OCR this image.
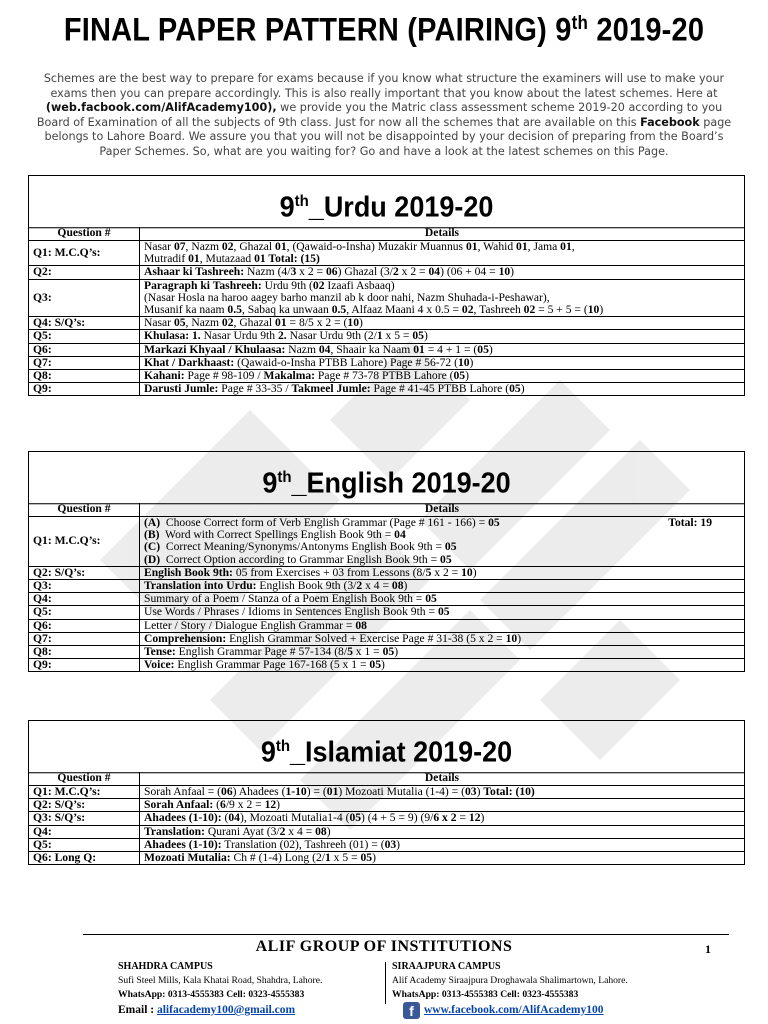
FINAL PAPER PATTERN (PAIRING) 9th 2019-20
Schemes are the best way to prepare for exams because if you know what structure the examiners will use to make your exams then you can prepare accordingly. This is also really important that you know about the latest schemes. Here at (web.facbook.com/AlifAcademy100), we provide you the Matric class assessment scheme 2019-20 according to you Board of Examination of all the subjects of 9th class. Just for now all the schemes that are available on this Facebook page belongs to Lahore Board. We assure you that you will not be disappointed by your decision of preparing from the Board’s Paper Schemes. So, what are you waiting for? Go and have a look at the latest schemes on this Page.
9th_Urdu 2019-20
Question #	Details
Q1: M.C.Q’s:	Nasar 07, Nazm 02, Ghazal 01, (Qawaid-o-Insha) Muzakir Muannus 01, Wahid 01, Jama 01,
Mutradif 01, Mutazaad 01 Total: (15)
Q2:	Ashaar ki Tashreeh: Nazm (4/3 x 2 = 06) Ghazal (3/2 x 2 = 04) (06 + 04 = 10)
Q3:	Paragraph ki Tashreeh: Urdu 9th (02 Izaafi Asbaaq)
(Nasar Hosla na haroo aagey barho manzil ab k door nahi, Nazm Shuhada-i-Peshawar),
Musanif ka naam 0.5, Sabaq ka unwaan 0.5, Alfaaz Maani 4 x 0.5 = 02, Tashreeh 02 = 5 + 5 = (10)
Q4: S/Q’s:	Nasar 05, Nazm 02, Ghazal 01 = 8/5 x 2 = (10)
Q5:	Khulasa: 1. Nasar Urdu 9th 2. Nasar Urdu 9th (2/1 x 5 = 05)
Q6:	Markazi Khyaal / Khulaasa: Nazm 04, Shaair ka Naam 01 = 4 + 1 = (05)
Q7:	Khat / Darkhaast: (Qawaid-o-Insha PTBB Lahore) Page # 56-72 (10)
Q8:	Kahani: Page # 98-109 / Makalma: Page # 73-78 PTBB Lahore (05)
Q9:	Darusti Jumle: Page # 33-35 / Takmeel Jumle: Page # 41-45 PTBB Lahore (05)
9th_English 2019-20
Question #	Details
Q1: M.C.Q’s:	Total: 19
(A)  Choose Correct form of Verb English Grammar (Page # 161 - 166) = 05
(B)  Word with Correct Spellings English Book 9th = 04
(C)  Correct Meaning/Synonyms/Antonyms English Book 9th = 05
(D)  Correct Option according to Grammar English Book 9th = 05
Q2: S/Q’s:	English Book 9th: 05 from Exercises + 03 from Lessons (8/5 x 2 = 10)
Q3:	Translation into Urdu: English Book 9th (3/2 x 4 = 08)
Q4:	Summary of a Poem / Stanza of a Poem English Book 9th = 05
Q5:	Use Words / Phrases / Idioms in Sentences English Book 9th = 05
Q6:	Letter / Story / Dialogue English Grammar = 08
Q7:	Comprehension: English Grammar Solved + Exercise Page # 31-38 (5 x 2 = 10)
Q8:	Tense: English Grammar Page # 57-134 (8/5 x 1 = 05)
Q9:	Voice: English Grammar Page 167-168 (5 x 1 = 05)
9th_Islamiat 2019-20
Question #	Details
Q1: M.C.Q’s:	Sorah Anfaal = (06) Ahadees (1-10) = (01) Mozoati Mutalia (1-4) = (03) Total: (10)
Q2: S/Q’s:	Sorah Anfaal: (6/9 x 2 = 12)
Q3: S/Q’s:	Ahadees (1-10): (04), Mozoati Mutalia1-4 (05) (4 + 5 = 9) (9/6 x 2 = 12)
Q4:	Translation: Qurani Ayat (3/2 x 4 = 08)
Q5:	Ahadees (1-10): Translation (02), Tashreeh (01) = (03)
Q6: Long Q:	Mozoati Mutalia: Ch # (1-4) Long (2/1 x 5 = 05)
ALIF GROUP OF INSTITUTIONS	1
SHAHDRA CAMPUS
Sufi Steel Mills, Kala Khatai Road, Shahdra, Lahore.
WhatsApp: 0313-4555383 Cell: 0323-4555383
SIRAAJPURA CAMPUS
Alif Academy Siraajpura Droghawala Shalimartown, Lahore.
WhatsApp: 0313-4555383 Cell: 0323-4555383
Email : alifacademy100@gmail.com	f www.facebook.com/AlifAcademy100
